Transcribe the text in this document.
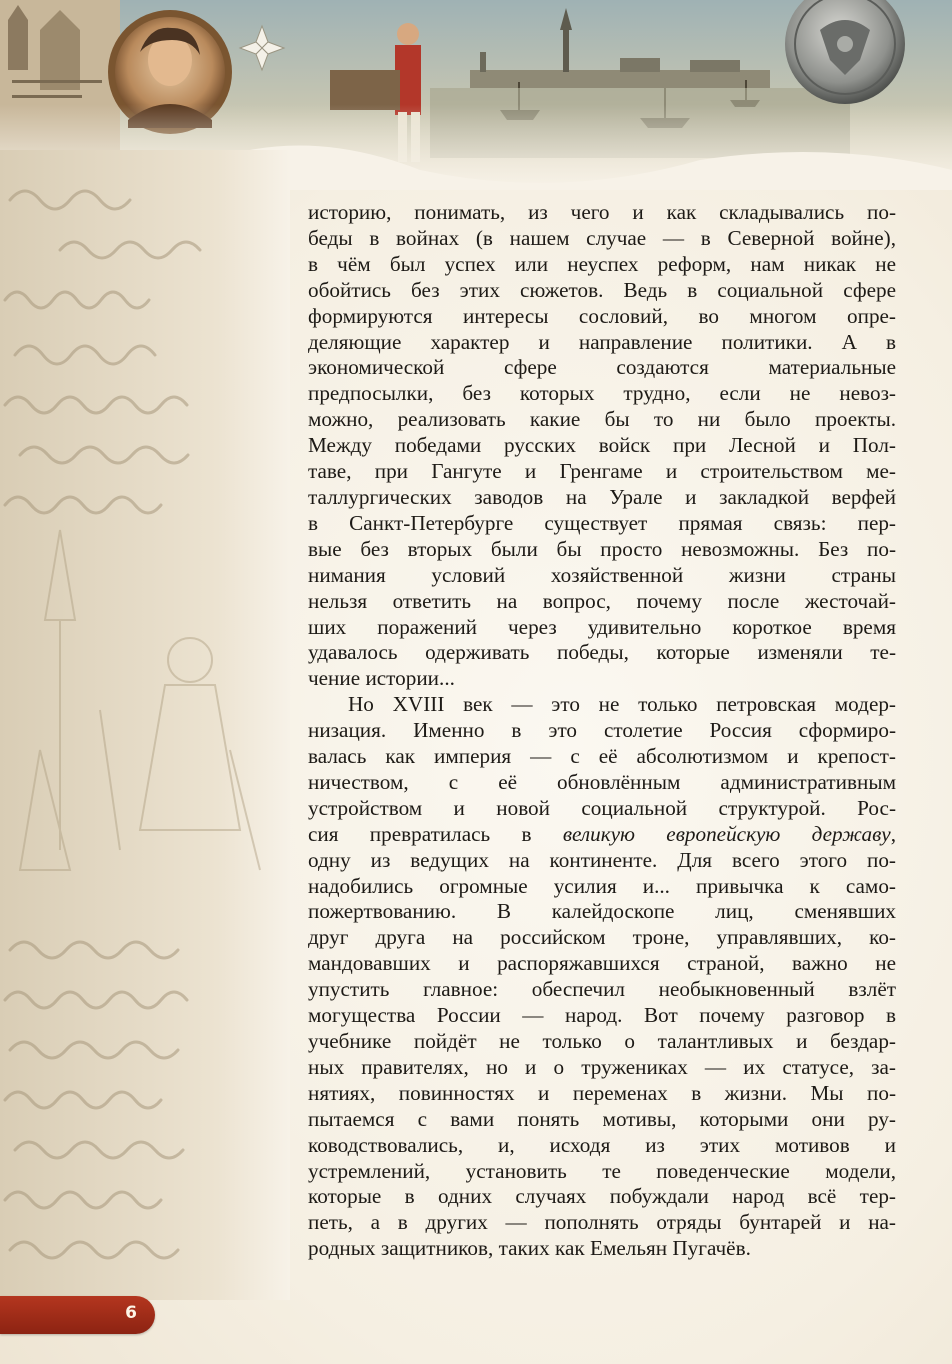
историю, понимать, из чего и как складывались по-
беды в войнах (в нашем случае — в Северной войне),
в чём был успех или неуспех реформ, нам никак не
обойтись без этих сюжетов. Ведь в социальной сфере
формируются интересы сословий, во многом опре-
деляющие характер и направление политики. А в
экономической сфере создаются материальные
предпосылки, без которых трудно, если не невоз-
можно, реализовать какие бы то ни было проекты.
Между победами русских войск при Лесной и Пол-
таве, при Гангуте и Гренгаме и строительством ме-
таллургических заводов на Урале и закладкой верфей
в Санкт-Петербурге существует прямая связь: пер-
вые без вторых были бы просто невозможны. Без по-
нимания условий хозяйственной жизни страны
нельзя ответить на вопрос, почему после жесточай-
ших поражений через удивительно короткое время
удавалось одерживать победы, которые изменяли те-
чение истории...

Но XVIII век — это не только петровская модер-
низация. Именно в это столетие Россия сформиро-
валась как империя — с её абсолютизмом и крепост-
ничеством, с её обновлённым административным
устройством и новой социальной структурой. Рос-
сия превратилась в великую европейскую державу,
одну из ведущих на континенте. Для всего этого по-
надобились огромные усилия и... привычка к само-
пожертвованию. В калейдоскопе лиц, сменявших
друг друга на российском троне, управлявших, ко-
мандовавших и распоряжавшихся страной, важно не
упустить главное: обеспечил необыкновенный взлёт
могущества России — народ. Вот почему разговор в
учебнике пойдёт не только о талантливых и бездар-
ных правителях, но и о тружениках — их статусе, за-
нятиях, повинностях и переменах в жизни. Мы по-
пытаемся с вами понять мотивы, которыми они ру-
ководствовались, и, исходя из этих мотивов и
устремлений, установить те поведенческие модели,
которые в одних случаях побуждали народ всё тер-
петь, а в других — пополнять отряды бунтарей и на-
родных защитников, таких как Емельян Пугачёв.

6
